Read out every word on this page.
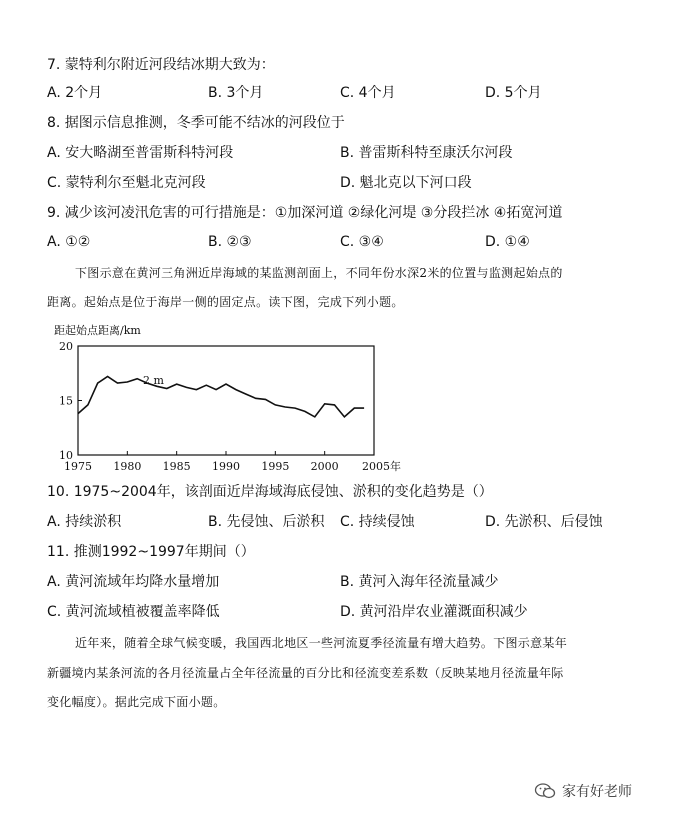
7. 蒙特利尔附近河段结冰期大致为：
A. 2个月	B. 3个月	C. 4个月	D. 5个月
8. 据图示信息推测，冬季可能不结冰的河段位于
A. 安大略湖至普雷斯科特河段	B. 普雷斯科特至康沃尔河段
C. 蒙特利尔至魁北克河段	D. 魁北克以下河口段
9. 减少该河凌汛危害的可行措施是：①加深河道 ②绿化河堤 ③分段拦冰 ④拓宽河道
A. ①②	B. ②③	C. ③④	D. ①④
下图示意在黄河三角洲近岸海域的某监测剖面上，不同年份水深2米的位置与监测起始点的
距离。起始点是位于海岸一侧的固定点。读下图，完成下列小题。
距起始点距离/km
20
15
10
1975 1980 1985 1990 1995 2000
2 m
2005年
10. 1975~2004年，该剖面近岸海域海底侵蚀、淤积的变化趋势是（）
A. 持续淤积	B. 先侵蚀、后淤积 C. 持续侵蚀	D. 先淤积、后侵蚀
11. 推测1992~1997年期间（）
A. 黄河流域年均降水量增加	B. 黄河入海年径流量减少
C. 黄河流域植被覆盖率降低	D. 黄河沿岸农业灌溉面积减少
近年来，随着全球气候变暖，我国西北地区一些河流夏季径流量有增大趋势。下图示意某年
新疆境内某条河流的各月径流量占全年径流量的百分比和径流变差系数（反映某地月径流量年际
变化幅度）。据此完成下面小题。
家有好老师
